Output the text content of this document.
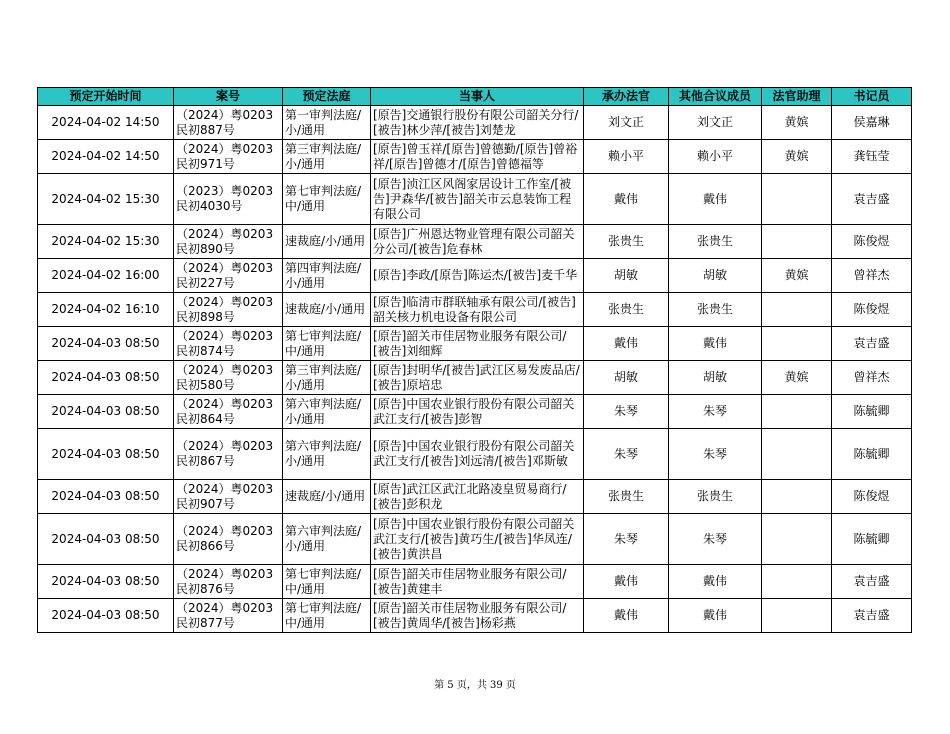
预定开始时间	案号	预定法庭	当事人	承办法官	其他合议成员	法官助理	书记员
2024-04-02 14:50	（2024）粤0203民初887号	第一审判法庭/小/通用	[原告]交通银行股份有限公司韶关分行/[被告]林少萍/[被告]刘楚龙	刘文正	刘文正	黄嫔	侯嘉琳
2024-04-02 14:50	（2024）粤0203民初971号	第三审判法庭/小/通用	[原告]曾玉祥/[原告]曾德勤/[原告]曾裕祥/[原告]曾德才/[原告]曾德福等	赖小平	赖小平	黄嫔	龚钰莹
2024-04-02 15:30	（2023）粤0203民初4030号	第七审判法庭/中/通用	[原告]浈江区风阁家居设计工作室/[被告]尹森华/[被告]韶关市云息装饰工程有限公司	戴伟	戴伟		袁吉盛
2024-04-02 15:30	（2024）粤0203民初890号	速裁庭/小/通用	[原告]广州恩达物业管理有限公司韶关分公司/[被告]危春林	张贵生	张贵生		陈俊煜
2024-04-02 16:00	（2024）粤0203民初227号	第四审判法庭/小/通用	[原告]李政/[原告]陈运杰/[被告]麦千华	胡敏	胡敏	黄嫔	曾祥杰
2024-04-02 16:10	（2024）粤0203民初898号	速裁庭/小/通用	[原告]临清市群联轴承有限公司/[被告]韶关核力机电设备有限公司	张贵生	张贵生		陈俊煜
2024-04-03 08:50	（2024）粤0203民初874号	第七审判法庭/中/通用	[原告]韶关市佳居物业服务有限公司/[被告]刘细辉	戴伟	戴伟		袁吉盛
2024-04-03 08:50	（2024）粤0203民初580号	第三审判法庭/小/通用	[原告]封明华/[被告]武江区易发废品店/[被告]原培忠	胡敏	胡敏	黄嫔	曾祥杰
2024-04-03 08:50	（2024）粤0203民初864号	第六审判法庭/小/通用	[原告]中国农业银行股份有限公司韶关武江支行/[被告]彭智	朱琴	朱琴		陈毓卿
2024-04-03 08:50	（2024）粤0203民初867号	第六审判法庭/小/通用	[原告]中国农业银行股份有限公司韶关武江支行/[被告]刘远清/[被告]邓斯敏	朱琴	朱琴		陈毓卿
2024-04-03 08:50	（2024）粤0203民初907号	速裁庭/小/通用	[原告]武江区武江北路凌皇贸易商行/[被告]彭积龙	张贵生	张贵生		陈俊煜
2024-04-03 08:50	（2024）粤0203民初866号	第六审判法庭/小/通用	[原告]中国农业银行股份有限公司韶关武江支行/[被告]黄巧生/[被告]华凤连/[被告]黄洪昌	朱琴	朱琴		陈毓卿
2024-04-03 08:50	（2024）粤0203民初876号	第七审判法庭/中/通用	[原告]韶关市佳居物业服务有限公司/[被告]黄建丰	戴伟	戴伟		袁吉盛
2024-04-03 08:50	（2024）粤0203民初877号	第七审判法庭/中/通用	[原告]韶关市佳居物业服务有限公司/[被告]黄周华/[被告]杨彩燕	戴伟	戴伟		袁吉盛
第 5 页，共 39 页
